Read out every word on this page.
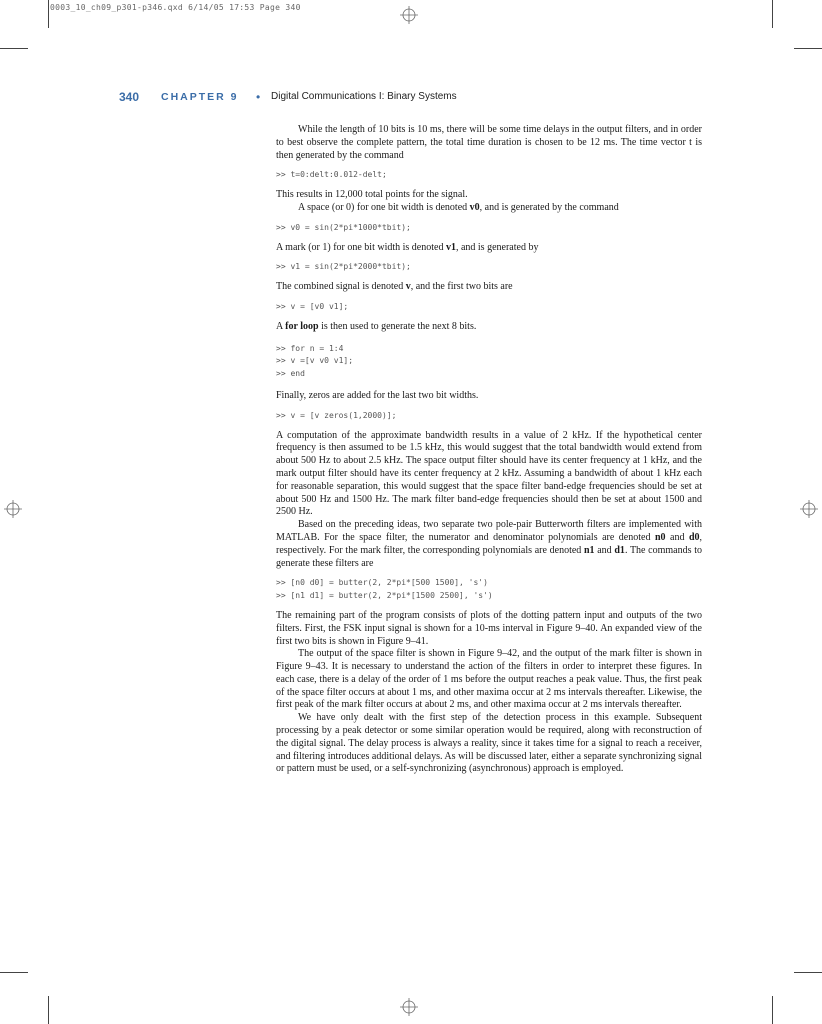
0003_10_ch09_p301-p346.qxd 6/14/05 17:53 Page 340
340 CHAPTER 9 • Digital Communications I: Binary Systems

While the length of 10 bits is 10 ms, there will be some time delays in the output filters, and in order to best observe the complete pattern, the total time duration is chosen to be 12 ms. The time vector t is then generated by the command

>> t=0:delt:0.012-delt;

This results in 12,000 total points for the signal.

A space (or 0) for one bit width is denoted v0, and is generated by the command

>> v0 = sin(2*pi*1000*tbit);

A mark (or 1) for one bit width is denoted v1, and is generated by

>> v1 = sin(2*pi*2000*tbit);

The combined signal is denoted v, and the first two bits are

>> v = [v0 v1];

A for loop is then used to generate the next 8 bits.

>> for n = 1:4
>> v =[v v0 v1];
>> end

Finally, zeros are added for the last two bit widths.

>> v = [v zeros(1,2000)];

A computation of the approximate bandwidth results in a value of 2 kHz. If the hypothetical center frequency is then assumed to be 1.5 kHz, this would suggest that the total bandwidth would extend from about 500 Hz to about 2.5 kHz. The space output filter should have its center frequency at 1 kHz, and the mark output filter should have its center frequency at 2 kHz. Assuming a bandwidth of about 1 kHz each for reasonable separation, this would suggest that the space filter band-edge frequencies should be set at about 500 Hz and 1500 Hz. The mark filter band-edge frequencies should then be set at about 1500 and 2500 Hz.

Based on the preceding ideas, two separate two pole-pair Butterworth filters are implemented with MATLAB. For the space filter, the numerator and denominator polynomials are denoted n0 and d0, respectively. For the mark filter, the corresponding polynomials are denoted n1 and d1. The commands to generate these filters are

>> [n0 d0] = butter(2, 2*pi*[500 1500], 's')
>> [n1 d1] = butter(2, 2*pi*[1500 2500], 's')

The remaining part of the program consists of plots of the dotting pattern input and outputs of the two filters. First, the FSK input signal is shown for a 10-ms interval in Figure 9–40. An expanded view of the first two bits is shown in Figure 9–41.

The output of the space filter is shown in Figure 9–42, and the output of the mark filter is shown in Figure 9–43. It is necessary to understand the action of the filters in order to interpret these figures. In each case, there is a delay of the order of 1 ms before the output reaches a peak value. Thus, the first peak of the space filter occurs at about 1 ms, and other maxima occur at 2 ms intervals thereafter. Likewise, the first peak of the mark filter occurs at about 2 ms, and other maxima occur at 2 ms intervals thereafter.

We have only dealt with the first step of the detection process in this example. Subsequent processing by a peak detector or some similar operation would be required, along with reconstruction of the digital signal. The delay process is always a reality, since it takes time for a signal to reach a receiver, and filtering introduces additional delays. As will be discussed later, either a separate synchronizing signal or pattern must be used, or a self-synchronizing (asynchronous) approach is employed.
